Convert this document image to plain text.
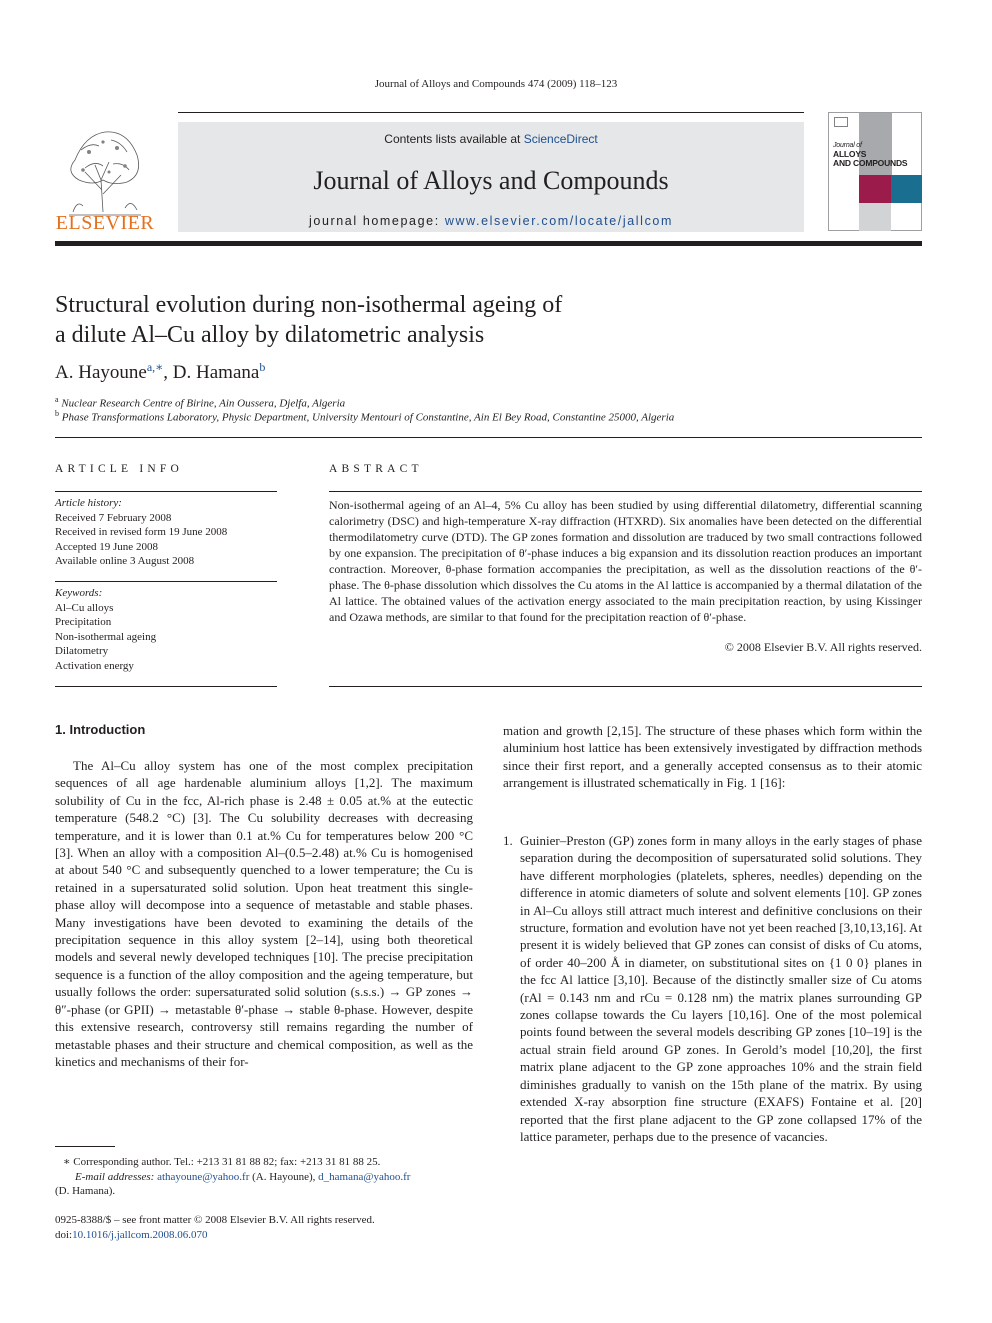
Journal of Alloys and Compounds 474 (2009) 118–123
ELSEVIER
Contents lists available at ScienceDirect
Journal of Alloys and Compounds
journal homepage: www.elsevier.com/locate/jallcom
Journal of
ALLOYS
AND COMPOUNDS
Structural evolution during non-isothermal ageing of
a dilute Al–Cu alloy by dilatometric analysis
A. Hayoune$^{a,∗}$, D. Hamana$^b$
$^a$ Nuclear Research Centre of Birine, Ain Oussera, Djelfa, Algeria
$^b$ Phase Transformations Laboratory, Physic Department, University Mentouri of Constantine, Ain El Bey Road, Constantine 25000, Algeria
ARTICLE INFO	ABSTRACT
Article history:
Received 7 February 2008
Received in revised form 19 June 2008
Accepted 19 June 2008
Available online 3 August 2008
Keywords:
Al–Cu alloys
Precipitation
Non-isothermal ageing
Dilatometry
Activation energy
Non-isothermal ageing of an Al–4, 5% Cu alloy has been studied by using differential dilatometry, differential scanning calorimetry (DSC) and high-temperature X-ray diffraction (HTXRD). Six anomalies have been detected on the differential thermodilatometry curve (DTD). The GP zones formation and dissolution are traduced by two small contractions followed by one expansion. The precipitation of θ′-phase induces a big expansion and its dissolution reaction produces an important contraction. Moreover, θ-phase formation accompanies the precipitation, as well as the dissolution reactions of the θ′-phase. The θ-phase dissolution which dissolves the Cu atoms in the Al lattice is accompanied by a thermal dilatation of the Al lattice. The obtained values of the activation energy associated to the main precipitation reaction, by using Kissinger and Ozawa methods, are similar to that found for the precipitation reaction of θ′-phase.
© 2008 Elsevier B.V. All rights reserved.
1. Introduction

The Al–Cu alloy system has one of the most complex precipitation sequences of all age hardenable aluminium alloys [1,2]. The maximum solubility of Cu in the fcc, Al-rich phase is 2.48 ± 0.05 at.% at the eutectic temperature (548.2 °C) [3]. The Cu solubility decreases with decreasing temperature, and it is lower than 0.1 at.% Cu for temperatures below 200 °C [3]. When an alloy with a composition Al–(0.5–2.48) at.% Cu is homogenised at about 540 °C and subsequently quenched to a lower temperature; the Cu is retained in a supersaturated solid solution. Upon heat treatment this single-phase alloy will decompose into a sequence of metastable and stable phases. Many investigations have been devoted to examining the details of the precipitation sequence in this alloy system [2–14], using both theoretical models and several newly developed techniques [10]. The precise precipitation sequence is a function of the alloy composition and the ageing temperature, but usually follows the order: supersaturated solid solution (s.s.s.) → GP zones → θ″-phase (or GPII) → metastable θ′-phase → stable θ-phase. However, despite this extensive research, controversy still remains regarding the number of metastable phases and their structure and chemical composition, as well as the kinetics and mechanisms of their for-

mation and growth [2,15]. The structure of these phases which form within the aluminium host lattice has been extensively investigated by diffraction methods since their first report, and a generally accepted consensus as to their atomic arrangement is illustrated schematically in Fig. 1 [16]:

1. Guinier–Preston (GP) zones form in many alloys in the early stages of phase separation during the decomposition of supersaturated solid solutions. They have different morphologies (platelets, spheres, needles) depending on the difference in atomic diameters of solute and solvent elements [10]. GP zones in Al–Cu alloys still attract much interest and definitive conclusions on their structure, formation and evolution have not yet been reached [3,10,13,16]. At present it is widely believed that GP zones can consist of disks of Cu atoms, of order 40–200 Å in diameter, on substitutional sites on {1 0 0} planes in the fcc Al lattice [3,10]. Because of the distinctly smaller size of Cu atoms (rAl = 0.143 nm and rCu = 0.128 nm) the matrix planes surrounding GP zones collapse towards the Cu layers [10,16]. One of the most polemical points found between the several models describing GP zones [10–19] is the actual strain field around GP zones. In Gerold’s model [10,20], the first matrix plane adjacent to the GP zone approaches 10% and the strain field diminishes gradually to vanish on the 15th plane of the matrix. By using extended X-ray absorption fine structure (EXAFS) Fontaine et al. [20] reported that the first plane adjacent to the GP zone collapsed 17% of the lattice parameter, perhaps due to the presence of vacancies.

∗ Corresponding author. Tel.: +213 31 81 88 82; fax: +213 31 81 88 25.
E-mail addresses: athayoune@yahoo.fr (A. Hayoune), d_hamana@yahoo.fr
(D. Hamana).
0925-8388/$ – see front matter © 2008 Elsevier B.V. All rights reserved.
doi:10.1016/j.jallcom.2008.06.070
